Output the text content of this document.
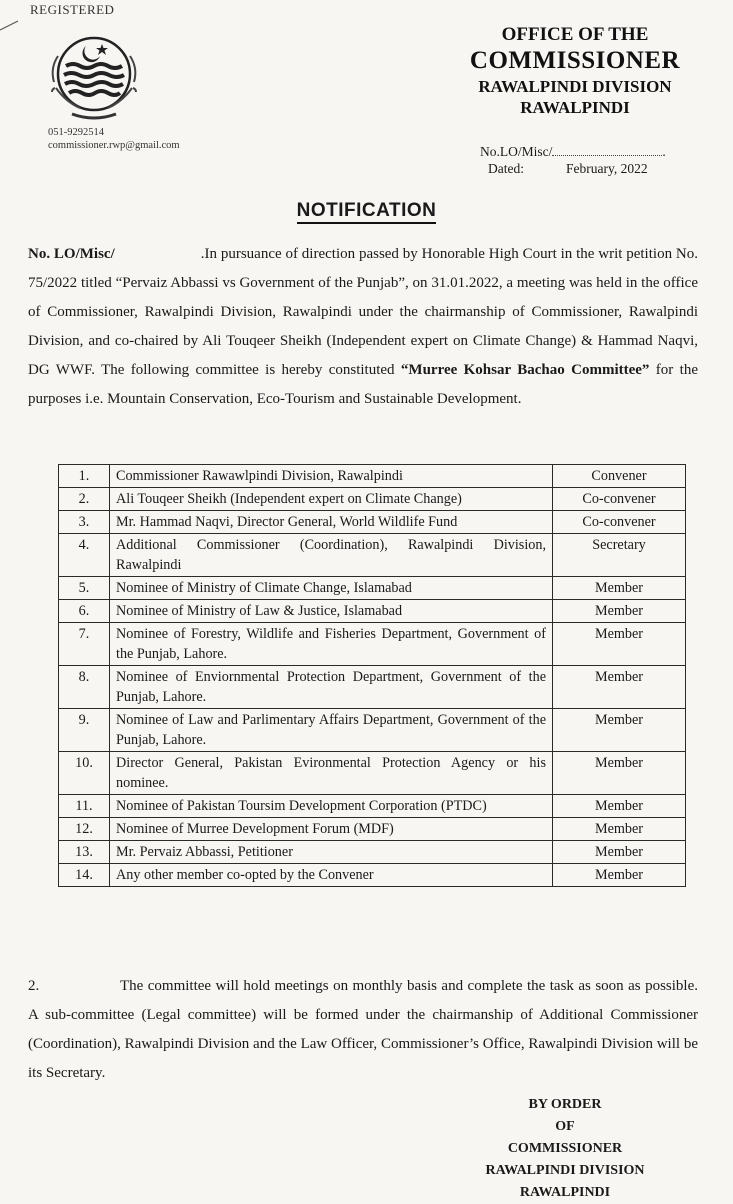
REGISTERED
051-9292514
commissioner.rwp@gmail.com
OFFICE OF THE
COMMISSIONER
RAWALPINDI DIVISION
RAWALPINDI
No.LO/Misc/	.
Dated:	February, 2022
NOTIFICATION
No. LO/Misc/	.In pursuance of direction passed by Honorable High Court in the writ petition No. 75/2022 titled “Pervaiz Abbassi vs Government of the Punjab”, on 31.01.2022, a meeting was held in the office of Commissioner, Rawalpindi Division, Rawalpindi under the chairmanship of Commissioner, Rawalpindi Division, and co-chaired by Ali Touqeer Sheikh (Independent expert on Climate Change) & Hammad Naqvi, DG WWF. The following committee is hereby constituted “Murree Kohsar Bachao Committee” for the purposes i.e. Mountain Conservation, Eco-Tourism and Sustainable Development.
1.	Commissioner Rawawlpindi Division, Rawalpindi	Convener
2.	Ali Touqeer Sheikh (Independent expert on Climate Change)	Co-convener
3.	Mr. Hammad Naqvi, Director General, World Wildlife Fund	Co-convener
4.	Additional Commissioner (Coordination), Rawalpindi Division, Rawalpindi	Secretary
5.	Nominee of Ministry of Climate Change, Islamabad	Member
6.	Nominee of Ministry of Law & Justice, Islamabad	Member
7.	Nominee of Forestry, Wildlife and Fisheries Department, Government of the Punjab, Lahore.	Member
8.	Nominee of Enviornmental Protection Department, Government of the Punjab, Lahore.	Member
9.	Nominee of Law and Parlimentary Affairs Department, Government of the Punjab, Lahore.	Member
10.	Director General, Pakistan Evironmental Protection Agency or his nominee.	Member
11.	Nominee of Pakistan Toursim Development Corporation (PTDC)	Member
12.	Nominee of Murree Development Forum (MDF)	Member
13.	Mr. Pervaiz Abbassi, Petitioner	Member
14.	Any other member co-opted by the Convener	Member
2.	The committee will hold meetings on monthly basis and complete the task as soon as possible. A sub-committee (Legal committee) will be formed under the chairmanship of Additional Commissioner (Coordination), Rawalpindi Division and the Law Officer, Commissioner’s Office, Rawalpindi Division will be its Secretary.
BY ORDER
OF
COMMISSIONER
RAWALPINDI DIVISION
RAWALPINDI
